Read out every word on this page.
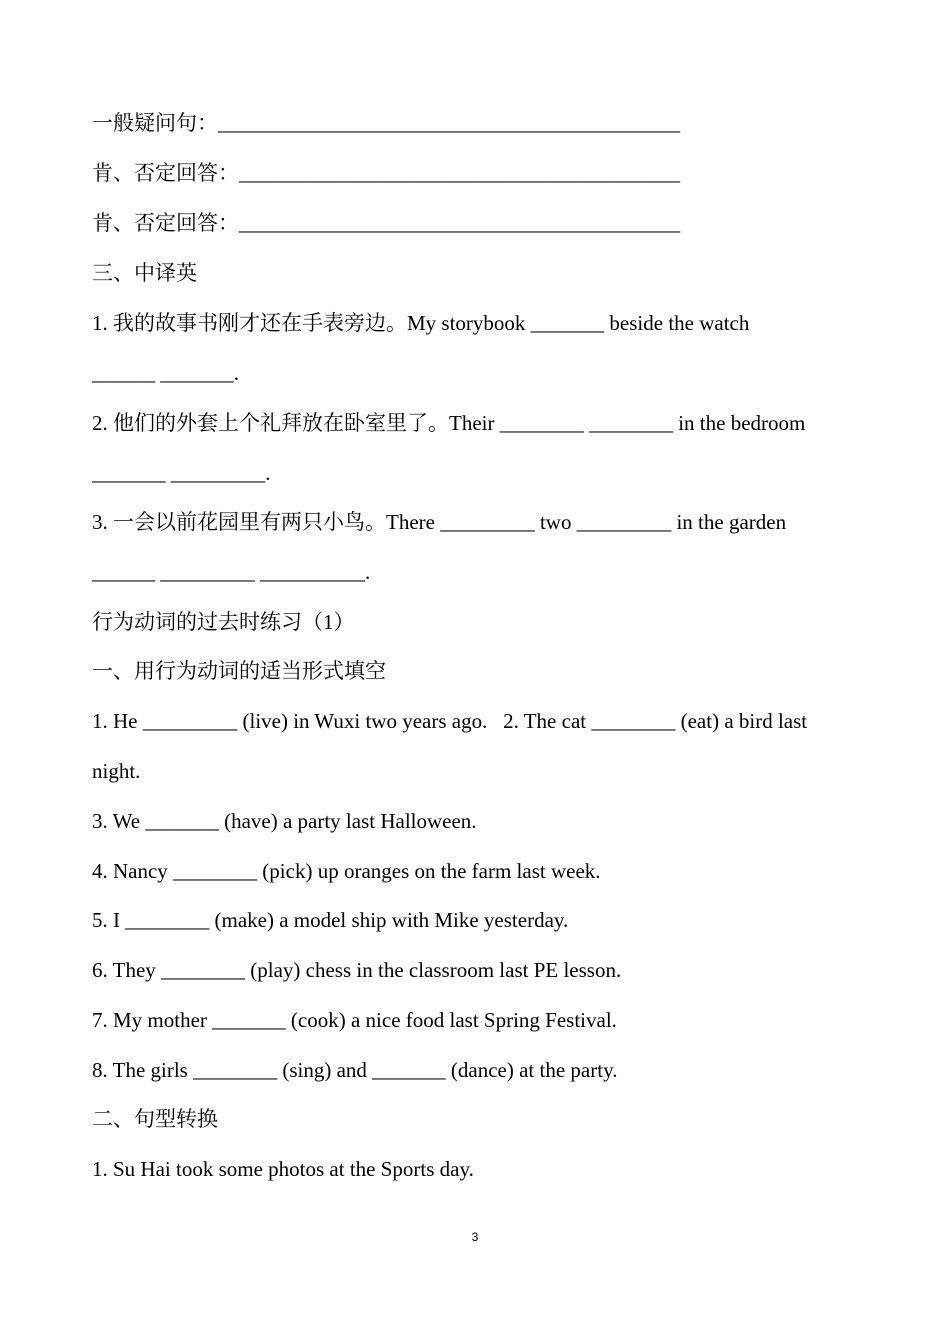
一般疑问句：____________________________________________
肯、否定回答：__________________________________________
肯、否定回答：__________________________________________
三、中译英
1. 我的故事书刚才还在手表旁边。My storybook _______ beside the watch
______ _______.
2. 他们的外套上个礼拜放在卧室里了。Their ________ ________ in the bedroom
_______ _________.
3. 一会以前花园里有两只小鸟。There _________ two _________ in the garden
______ _________ __________.
行为动词的过去时练习（1）
一、用行为动词的适当形式填空
1. He _________ (live) in Wuxi two years ago.   2. The cat ________ (eat) a bird last
night.
3. We _______ (have) a party last Halloween.
4. Nancy ________ (pick) up oranges on the farm last week.
5. I ________ (make) a model ship with Mike yesterday.
6. They ________ (play) chess in the classroom last PE lesson.
7. My mother _______ (cook) a nice food last Spring Festival.
8. The girls ________ (sing) and _______ (dance) at the party.
二、句型转换
1. Su Hai took some photos at the Sports day.
3
